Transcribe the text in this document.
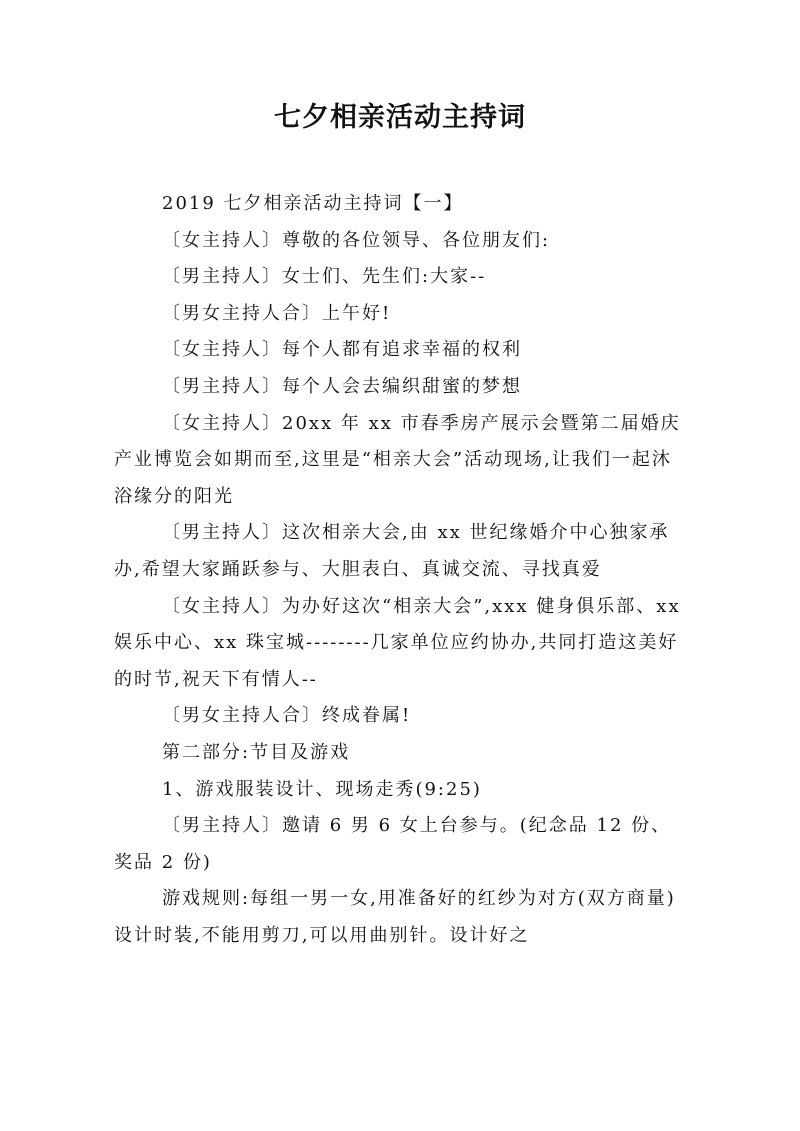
七夕相亲活动主持词

2019 七夕相亲活动主持词【一】

〔女主持人〕尊敬的各位领导、各位朋友们:

〔男主持人〕女士们、先生们:大家--

〔男女主持人合〕上午好!

〔女主持人〕每个人都有追求幸福的权利

〔男主持人〕每个人会去编织甜蜜的梦想

〔女主持人〕20xx 年 xx 市春季房产展示会暨第二届婚庆产业博览会如期而至,这里是“相亲大会”活动现场,让我们一起沐浴缘分的阳光

〔男主持人〕这次相亲大会,由 xx 世纪缘婚介中心独家承办,希望大家踊跃参与、大胆表白、真诚交流、寻找真爱

〔女主持人〕为办好这次“相亲大会”,xxx 健身俱乐部、xx 娱乐中心、xx 珠宝城--------几家单位应约协办,共同打造这美好的时节,祝天下有情人--

〔男女主持人合〕终成眷属!

第二部分:节目及游戏

1、游戏服装设计、现场走秀(9:25)

〔男主持人〕邀请 6 男 6 女上台参与。(纪念品 12 份、奖品 2 份)

游戏规则:每组一男一女,用准备好的红纱为对方(双方商量)设计时装,不能用剪刀,可以用曲别针。设计好之
